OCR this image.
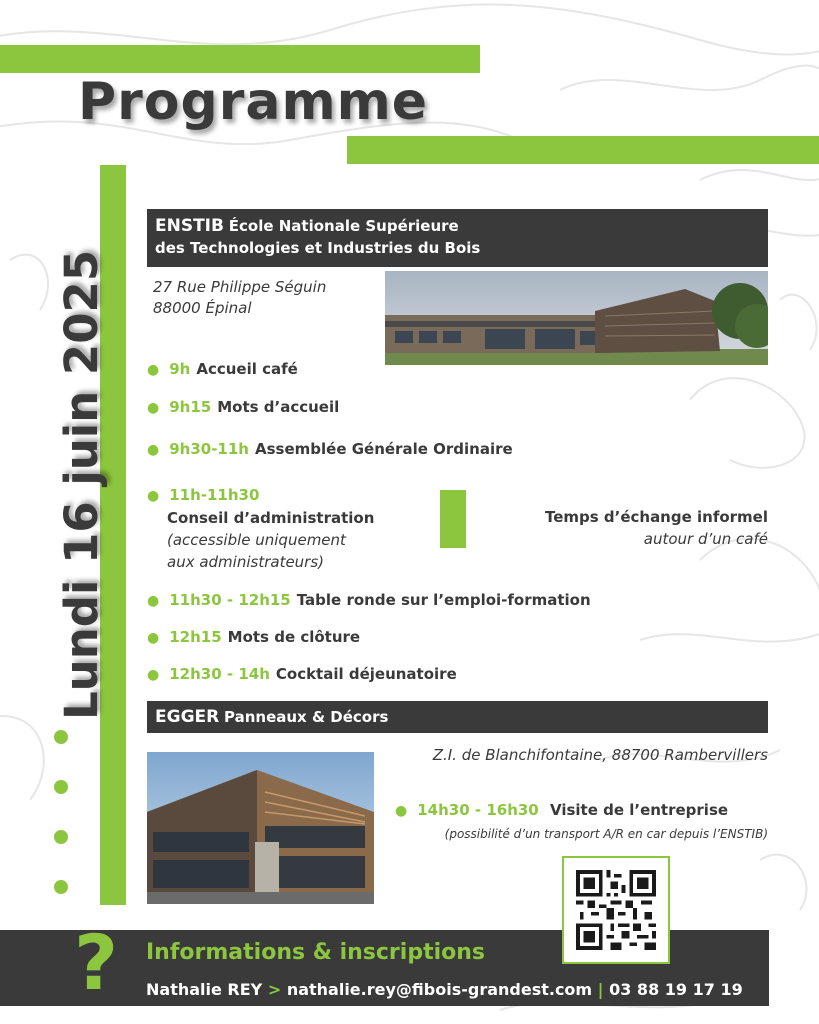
Programme
Lundi 16 juin 2025
ENSTIB École Nationale Supérieure
des Technologies et Industries du Bois
27 Rue Philippe Séguin
88000 Épinal
● 9h Accueil café
● 9h15 Mots d’accueil
● 9h30-11h Assemblée Générale Ordinaire
● 11h-11h30
Conseil d’administration
(accessible uniquement
aux administrateurs)
Temps d’échange informel
autour d’un café
● 11h30 - 12h15 Table ronde sur l’emploi-formation
● 12h15 Mots de clôture
● 12h30 - 14h Cocktail déjeunatoire
EGGER Panneaux & Décors
Z.I. de Blanchifontaine, 88700 Rambervillers
● 14h30 - 16h30 Visite de l’entreprise
(possibilité d’un transport A/R en car depuis l’ENSTIB)
? Informations & inscriptions
Nathalie REY > nathalie.rey@fibois-grandest.com | 03 88 19 17 19
